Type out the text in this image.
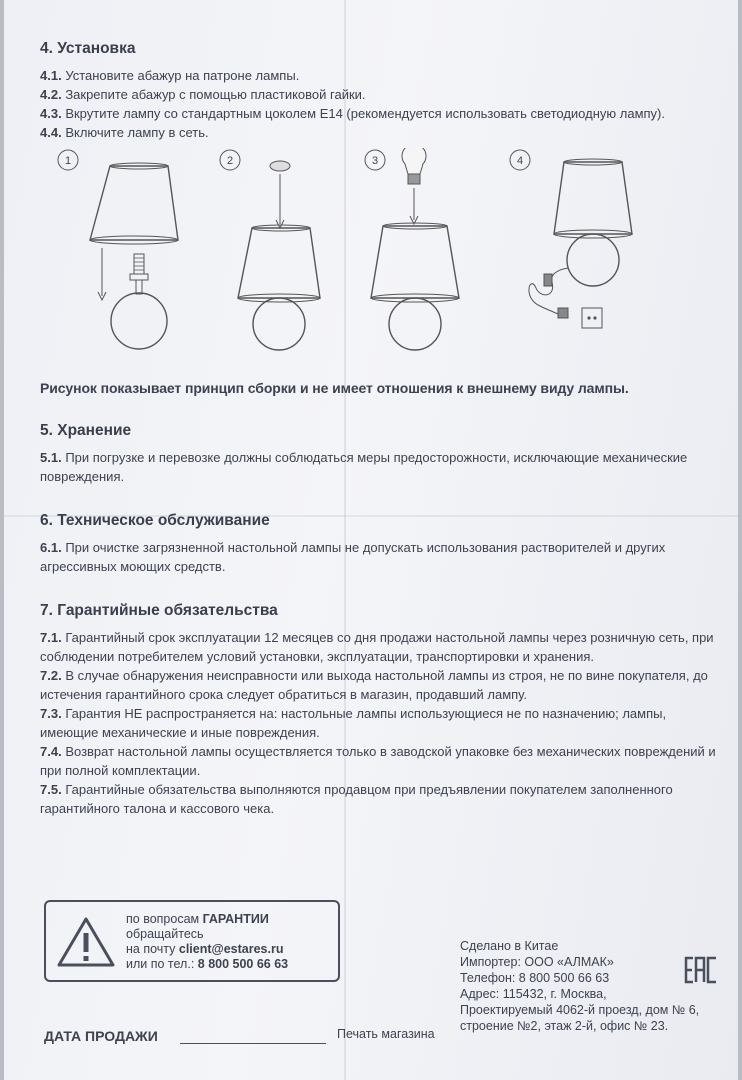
4. Установка

4.1. Установите абажур на патроне лампы.

4.2. Закрепите абажур с помощью пластиковой гайки.

4.3. Вкрутите лампу со стандартным цоколем Е14 (рекомендуется использовать светодиодную лампу).

4.4. Включите лампу в сеть.

1	2	3	4

Рисунок показывает принцип сборки и не имеет отношения к внешнему виду лампы.

5. Хранение

5.1. При погрузке и перевозке должны соблюдаться меры предосторожности, исключающие механические повреждения.

6. Техническое обслуживание

6.1. При очистке загрязненной настольной лампы не допускать использования растворителей и других агрессивных моющих средств.

7. Гарантийные обязательства

7.1. Гарантийный срок эксплуатации 12 месяцев со дня продажи настольной лампы через розничную сеть, при соблюдении потребителем условий установки, эксплуатации, транспортировки и хранения.

7.2. В случае обнаружения неисправности или выхода настольной лампы из строя, не по вине покупателя, до истечения гарантийного срока следует обратиться в магазин, продавший лампу.

7.3. Гарантия НЕ распространяется на: настольные лампы использующиеся не по назначению; лампы, имеющие механические и иные повреждения.

7.4. Возврат настольной лампы осуществляется только в заводской упаковке без механических повреждений и при полной комплектации.

7.5. Гарантийные обязательства выполняются продавцом при предъявлении покупателем заполненного гарантийного талона и кассового чека.

по вопросам ГАРАНТИИ
обращайтесь
на почту client@estares.ru
или по тел.: 8 800 500 66 63
Сделано в Китае
Импортер: ООО «АЛМАК»
Телефон: 8 800 500 66 63
Адрес: 115432, г. Москва,
Проектируемый 4062-й проезд, дом № 6,
строение №2, этаж 2-й, офис № 23.
ДАТА ПРОДАЖИ	Печать магазина
